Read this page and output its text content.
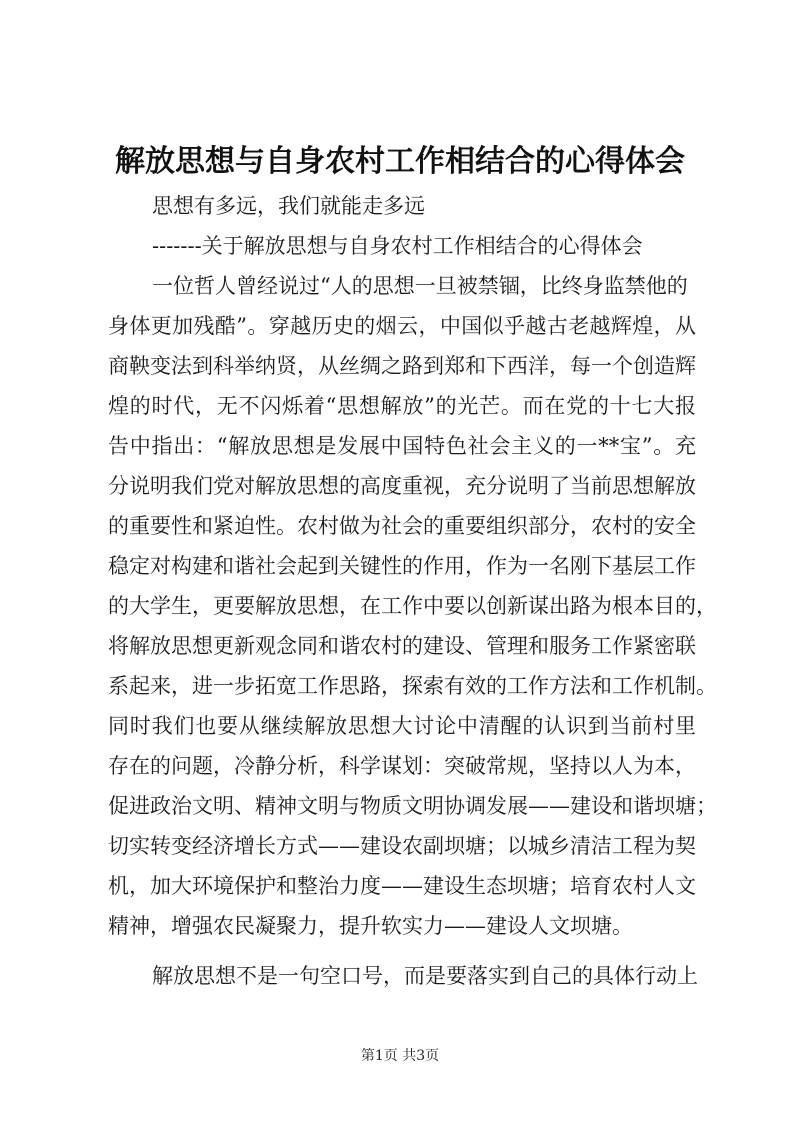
解放思想与自身农村工作相结合的心得体会
思想有多远，我们就能走多远
-------关于解放思想与自身农村工作相结合的心得体会
一位哲人曾经说过“人的思想一旦被禁锢，比终身监禁他的
身体更加残酷”。穿越历史的烟云，中国似乎越古老越辉煌，从
商鞅变法到科举纳贤，从丝绸之路到郑和下西洋，每一个创造辉
煌的时代，无不闪烁着“思想解放”的光芒。而在党的十七大报
告中指出：“解放思想是发展中国特色社会主义的一**宝”。充
分说明我们党对解放思想的高度重视，充分说明了当前思想解放
的重要性和紧迫性。农村做为社会的重要组织部分，农村的安全
稳定对构建和谐社会起到关键性的作用，作为一名刚下基层工作
的大学生，更要解放思想，在工作中要以创新谋出路为根本目的，
将解放思想更新观念同和谐农村的建设、管理和服务工作紧密联
系起来，进一步拓宽工作思路，探索有效的工作方法和工作机制。
同时我们也要从继续解放思想大讨论中清醒的认识到当前村里
存在的问题，冷静分析，科学谋划：突破常规，坚持以人为本，
促进政治文明、精神文明与物质文明协调发展——建设和谐坝塘；
切实转变经济增长方式——建设农副坝塘；以城乡清洁工程为契
机，加大环境保护和整治力度——建设生态坝塘；培育农村人文
精神，增强农民凝聚力，提升软实力——建设人文坝塘。
解放思想不是一句空口号，而是要落实到自己的具体行动上
第1页 共3页
